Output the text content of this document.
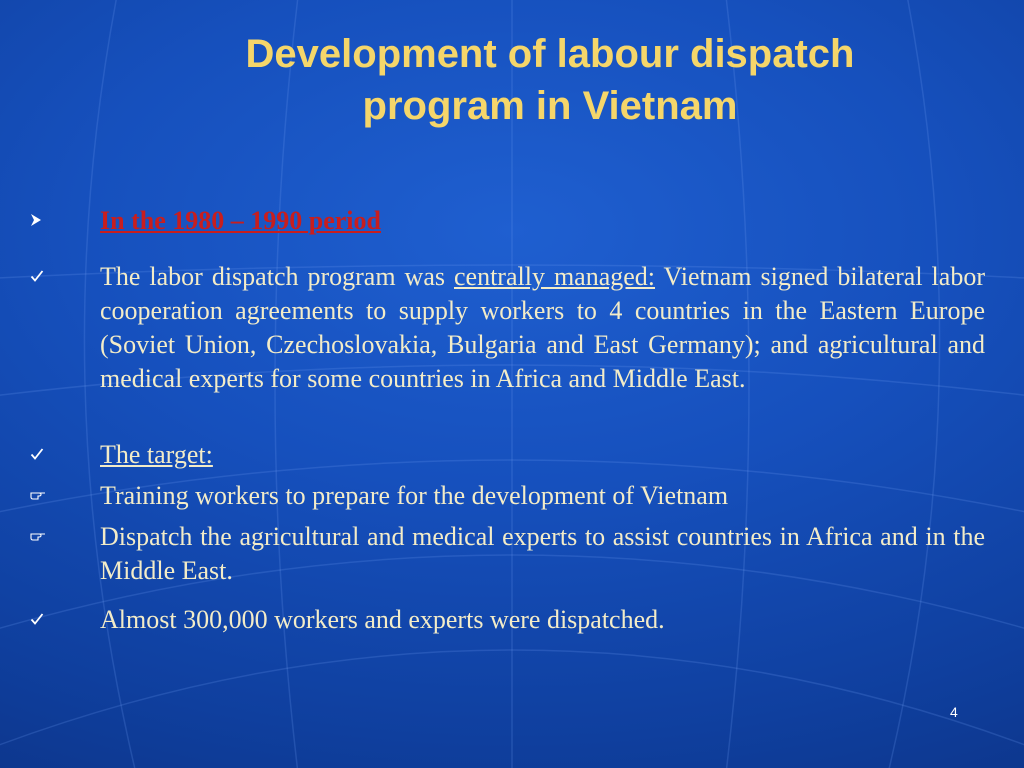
Development of labour dispatch
program in Vietnam
In the 1980 – 1990 period
The labor dispatch program was centrally managed: Vietnam signed bilateral labor cooperation agreements to supply workers to 4 countries in the Eastern Europe (Soviet Union, Czechoslovakia, Bulgaria and East Germany); and agricultural and medical experts for some countries in Africa and Middle East.
The target:
Training workers to prepare for the development of Vietnam
Dispatch the agricultural and medical experts to assist countries in Africa and in the Middle East.
Almost 300,000 workers and experts were dispatched.
4
